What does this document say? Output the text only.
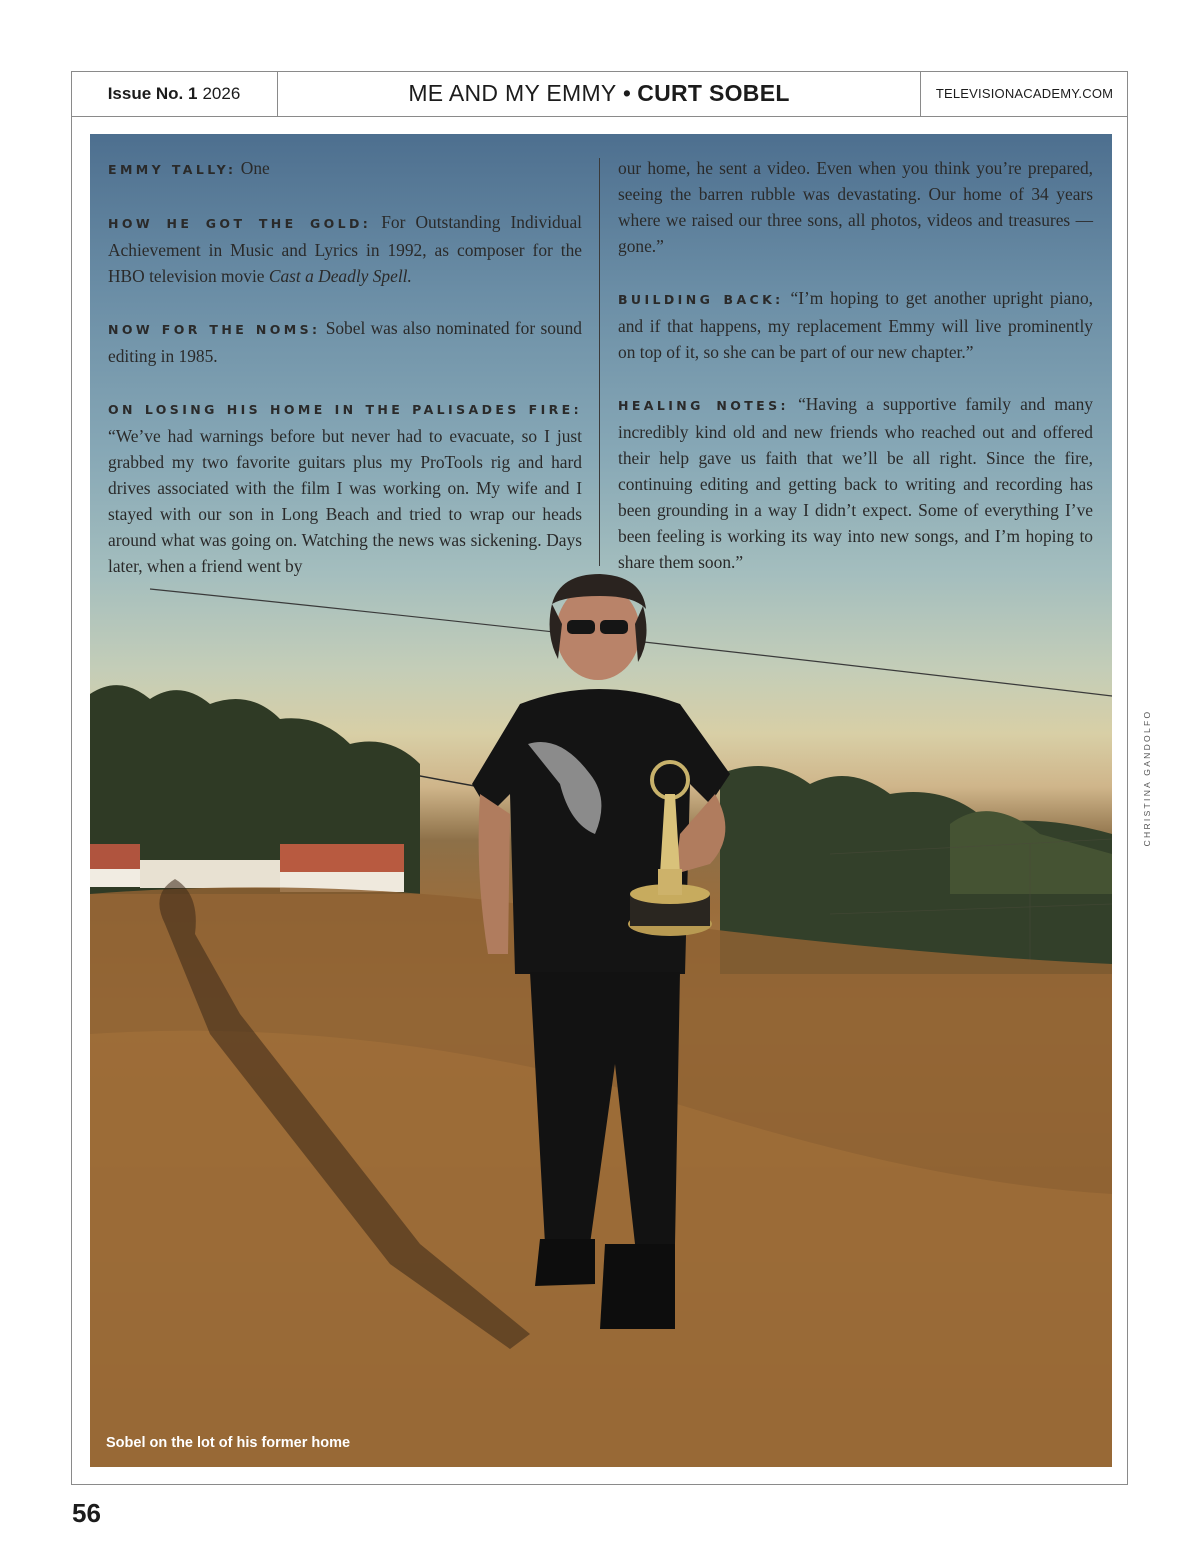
Issue No. 1 2026	ME AND MY EMMY • CURT SOBEL	TELEVISIONACADEMY.COM

EMMY TALLY: One

HOW HE GOT THE GOLD: For Outstanding Individual Achievement in Music and Lyrics in 1992, as composer for the HBO television movie Cast a Deadly Spell.

NOW FOR THE NOMS: Sobel was also nominated for sound editing in 1985.

ON LOSING HIS HOME IN THE PALISADES FIRE: “We’ve had warnings before but never had to evacuate, so I just grabbed my two favorite guitars plus my ProTools rig and hard drives associated with the film I was working on. My wife and I stayed with our son in Long Beach and tried to wrap our heads around what was going on. Watching the news was sickening. Days later, when a friend went by

our home, he sent a video. Even when you think you’re prepared, seeing the barren rubble was devastating. Our home of 34 years where we raised our three sons, all photos, videos and treasures — gone.”

BUILDING BACK: “I’m hoping to get another upright piano, and if that happens, my replacement Emmy will live prominently on top of it, so she can be part of our new chapter.”

HEALING NOTES: “Having a supportive family and many incredibly kind old and new friends who reached out and offered their help gave us faith that we’ll be all right. Since the fire, continuing editing and getting back to writing and recording has been grounding in a way I didn’t expect. Some of everything I’ve been feeling is working its way into new songs, and I’m hoping to share them soon.”

Sobel on the lot of his former home
CHRISTINA GANDOLFO
56
